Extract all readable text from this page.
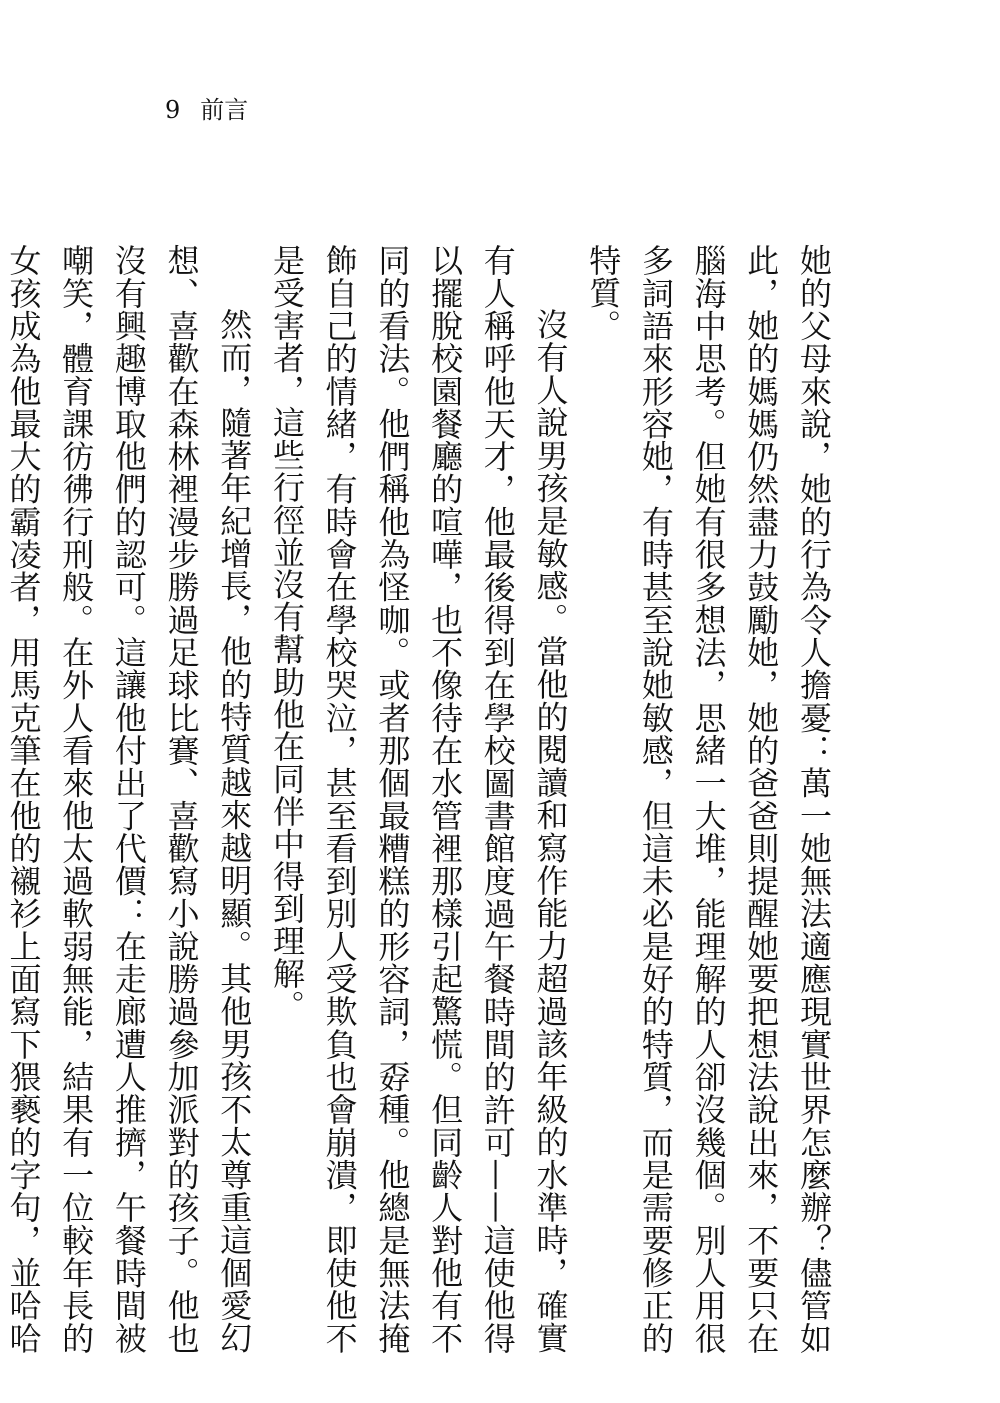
9 前言

她的父母來說，她的行為令人擔憂：萬一她無法適應現實世界怎麼辦？儘管如此，她的媽媽仍然盡力鼓勵她，她的爸爸則提醒她要把想法說出來，不要只在腦海中思考。但她有很多想法，思緒一大堆，能理解的人卻沒幾個。別人用很多詞語來形容她，有時甚至說她敏感，但這未必是好的特質，而是需要修正的特質。

沒有人說男孩是敏感。當他的閱讀和寫作能力超過該年級的水準時，確實有人稱呼他天才，他最後得到在學校圖書館度過午餐時間的許可——這使他得以擺脫校園餐廳的喧嘩，也不像待在水管裡那樣引起驚慌。但同齡人對他有不同的看法。他們稱他為怪咖。或者那個最糟糕的形容詞，孬種。他總是無法掩飾自己的情緒，有時會在學校哭泣，甚至看到別人受欺負也會崩潰，即使他不是受害者，這些行徑並沒有幫助他在同伴中得到理解。

然而，隨著年紀增長，他的特質越來越明顯。其他男孩不太尊重這個愛幻想、喜歡在森林裡漫步勝過足球比賽、喜歡寫小說勝過參加派對的孩子。他也沒有興趣博取他們的認可。這讓他付出了代價：在走廊遭人推擠，午餐時間被嘲笑，體育課彷彿行刑般。在外人看來他太過軟弱無能，結果有一位較年長的女孩成為他最大的霸凌者，用馬克筆在他的襯衫上面寫下猥褻的字句，並哈哈
